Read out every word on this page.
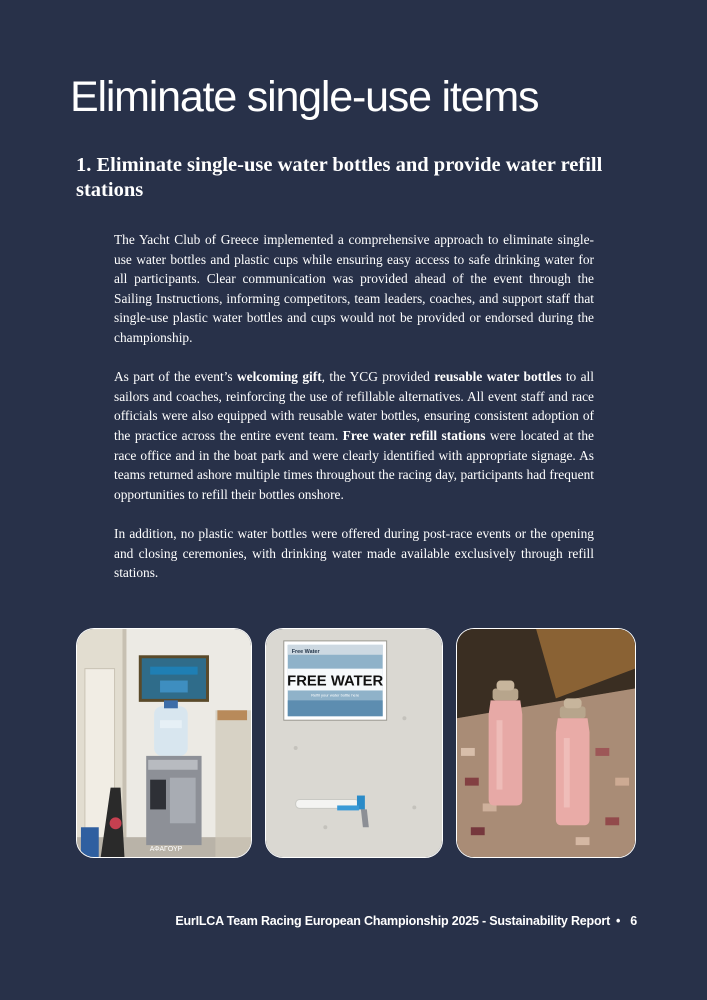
Eliminate single-use items
1. Eliminate single-use water bottles and provide water refill stations

The Yacht Club of Greece implemented a comprehensive approach to eliminate single-use water bottles and plastic cups while ensuring easy access to safe drinking water for all participants. Clear communication was provided ahead of the event through the Sailing Instructions, informing competitors, team leaders, coaches, and support staff that single-use plastic water bottles and cups would not be provided or endorsed during the championship.

As part of the event’s welcoming gift, the YCG provided reusable water bottles to all sailors and coaches, reinforcing the use of refillable alternatives. All event staff and race officials were also equipped with reusable water bottles, ensuring consistent adoption of the practice across the entire event team. Free water refill stations were located at the race office and in the boat park and were clearly identified with appropriate signage. As teams returned ashore multiple times throughout the racing day, participants had frequent opportunities to refill their bottles onshore.

In addition, no plastic water bottles were offered during post-race events or the opening and closing ceremonies, with drinking water made available exclusively through refill stations.

ΑΦΑΓΟΥΡ
Free Water
FREE WATER
Refill your water bottle here
EurILCA Team Racing European Championship 2025 - Sustainability Report • 6
